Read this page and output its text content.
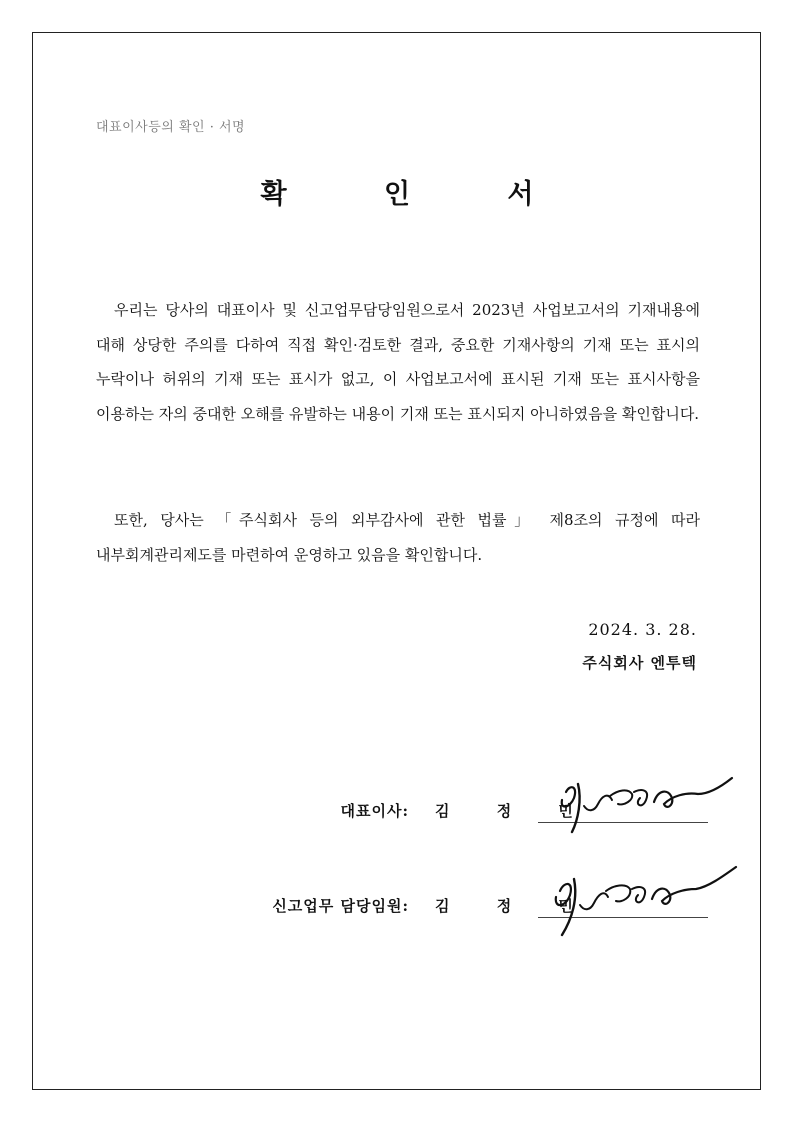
대표이사등의 확인 · 서명
확 인 서

우리는 당사의 대표이사 및 신고업무담당임원으로서 2023년 사업보고서의 기재내용에 대해 상당한 주의를 다하여 직접 확인·검토한 결과, 중요한 기재사항의 기재 또는 표시의 누락이나 허위의 기재 또는 표시가 없고, 이 사업보고서에 표시된 기재 또는 표시사항을 이용하는 자의 중대한 오해를 유발하는 내용이 기재 또는 표시되지 아니하였음을 확인합니다.

또한, 당사는 「주식회사 등의 외부감사에 관한 법률」 제8조의 규정에 따라 내부회계관리제도를 마련하여 운영하고 있음을 확인합니다.

2024. 3. 28.
주식회사 엔투텍
대표이사: 김 정 민
신고업무 담당임원: 김 정 민
